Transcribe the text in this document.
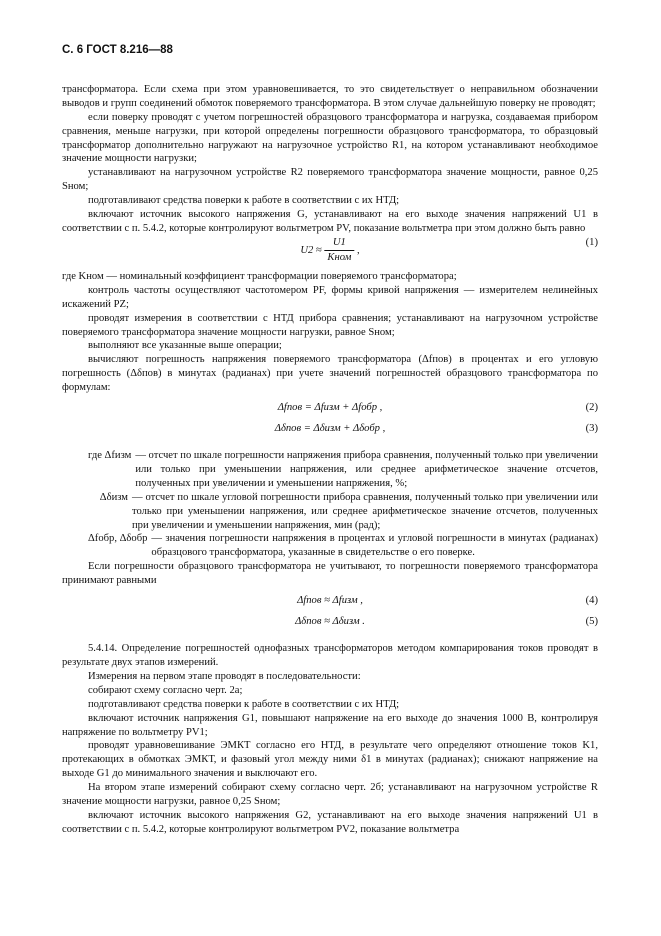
С. 6 ГОСТ 8.216—88

трансформатора. Если схема при этом уравновешивается, то это свидетельствует о неправильном обозначении выводов и групп соединений обмоток поверяемого трансформатора. В этом случае дальнейшую поверку не проводят;

если поверку проводят с учетом погрешностей образцового трансформатора и нагрузка, создаваемая прибором сравнения, меньше нагрузки, при которой определены погрешности образцового трансформатора, то образцовый трансформатор дополнительно нагружают на нагрузочное устройство R1, на котором устанавливают необходимое значение мощности нагрузки;

устанавливают на нагрузочном устройстве R2 поверяемого трансформатора значение мощности, равное 0,25 Sном;

подготавливают средства поверки к работе в соответствии с их НТД;

включают источник высокого напряжения G, устанавливают на его выходе значения напряжений U1 в соответствии с п. 5.4.2, которые контролируют вольтметром PV, показание вольтметра при этом должно быть равно

$U2 \approx \frac{U1}{\text{Kном}}$ ,
(1)

где Kном — номинальный коэффициент трансформации поверяемого трансформатора;

контроль частоты осуществляют частотомером PF, формы кривой напряжения — измерителем нелинейных искажений PZ;

проводят измерения в соответствии с НТД прибора сравнения; устанавливают на нагрузочном устройстве поверяемого трансформатора значение мощности нагрузки, равное Sном;

выполняют все указанные выше операции;

вычисляют погрешность напряжения поверяемого трансформатора (Δfпов) в процентах и его угловую погрешность (Δδпов) в минутах (радианах) при учете значений погрешностей образцового трансформатора по формулам:

Δfпов = Δfизм + Δfобр ,	(2)
Δδпов = Δδизм + Δδобр ,	(3)
где Δfизм — отсчет по шкале погрешности напряжения прибора сравнения, полученный только при увеличении или только при уменьшении напряжения, или среднее арифметическое значение отсчетов, полученных при увеличении и уменьшении напряжения, %;
Δδизм — отсчет по шкале угловой погрешности прибора сравнения, полученный только при увеличении или только при уменьшении напряжения, или среднее арифметическое значение отсчетов, полученных при увеличении и уменьшении напряжения, мин (рад);
Δfобр, Δδобр — значения погрешности напряжения в процентах и угловой погрешности в минутах (радианах) образцового трансформатора, указанные в свидетельстве о его поверке.

Если погрешности образцового трансформатора не учитывают, то погрешности поверяемого трансформатора принимают равными

Δfпов ≈ Δfизм ,	(4)
Δδпов ≈ Δδизм .	(5)

5.4.14. Определение погрешностей однофазных трансформаторов методом компарирования токов проводят в результате двух этапов измерений.

Измерения на первом этапе проводят в последовательности:

собирают схему согласно черт. 2а;

подготавливают средства поверки к работе в соответствии с их НТД;

включают источник напряжения G1, повышают напряжение на его выходе до значения 1000 В, контролируя напряжение по вольтметру PV1;

проводят уравновешивание ЭМКТ согласно его НТД, в результате чего определяют отношение токов K1, протекающих в обмотках ЭМКТ, и фазовый угол между ними δ1 в минутах (радианах); снижают напряжение на выходе G1 до минимального значения и выключают его.

На втором этапе измерений собирают схему согласно черт. 2б; устанавливают на нагрузочном устройстве R значение мощности нагрузки, равное 0,25 Sном;

включают источник высокого напряжения G2, устанавливают на его выходе значения напряжений U1 в соответствии с п. 5.4.2, которые контролируют вольтметром PV2, показание вольтметра
